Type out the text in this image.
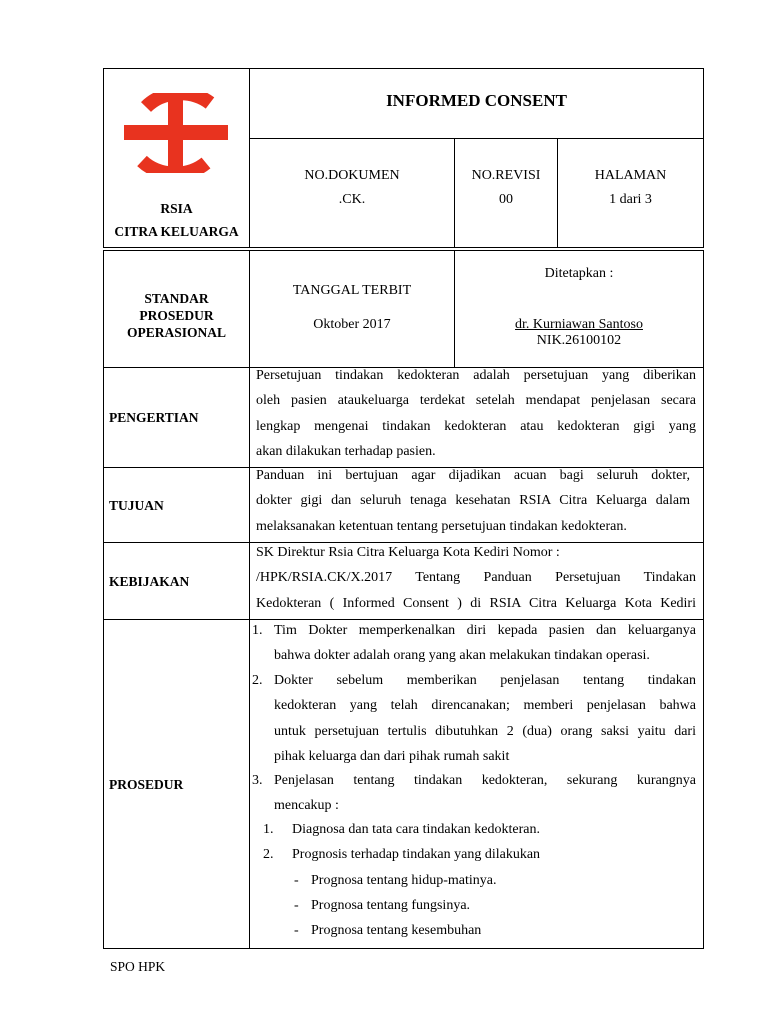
RSIA
CITRA KELUARGA
INFORMED CONSENT
NO.DOKUMEN
.CK.
NO.REVISI
00
HALAMAN
1 dari 3
STANDAR
PROSEDUR
OPERASIONAL
TANGGAL TERBIT
Oktober 2017
Ditetapkan :
dr. Kurniawan Santoso
NIK.26100102
PENGERTIAN
Persetujuan tindakan kedokteran adalah persetujuan yang diberikan
oleh pasien ataukeluarga terdekat setelah mendapat penjelasan secara
lengkap mengenai tindakan kedokteran atau kedokteran gigi yang
akan dilakukan terhadap pasien.
TUJUAN
Panduan ini bertujuan agar dijadikan acuan bagi seluruh dokter,
dokter gigi dan seluruh tenaga kesehatan RSIA Citra Keluarga dalam
melaksanakan ketentuan tentang persetujuan tindakan kedokteran.
KEBIJAKAN
SK Direktur Rsia Citra Keluarga Kota Kediri Nomor :
/HPK/RSIA.CK/X.2017 Tentang Panduan Persetujuan Tindakan
Kedokteran ( Informed Consent ) di RSIA Citra Keluarga Kota Kediri
PROSEDUR
1. Tim Dokter memperkenalkan diri kepada pasien dan keluarganya
bahwa dokter adalah orang yang akan melakukan tindakan operasi.
2. Dokter sebelum memberikan penjelasan tentang tindakan
kedokteran yang telah direncanakan; memberi penjelasan bahwa
untuk persetujuan tertulis dibutuhkan 2 (dua) orang saksi yaitu dari
pihak keluarga dan dari pihak rumah sakit
3. Penjelasan tentang tindakan kedokteran, sekurang kurangnya
mencakup :
1. Diagnosa dan tata cara tindakan kedokteran.
2. Prognosis terhadap tindakan yang dilakukan
- Prognosa tentang hidup-matinya.
- Prognosa tentang fungsinya.
- Prognosa tentang kesembuhan
SPO HPK
